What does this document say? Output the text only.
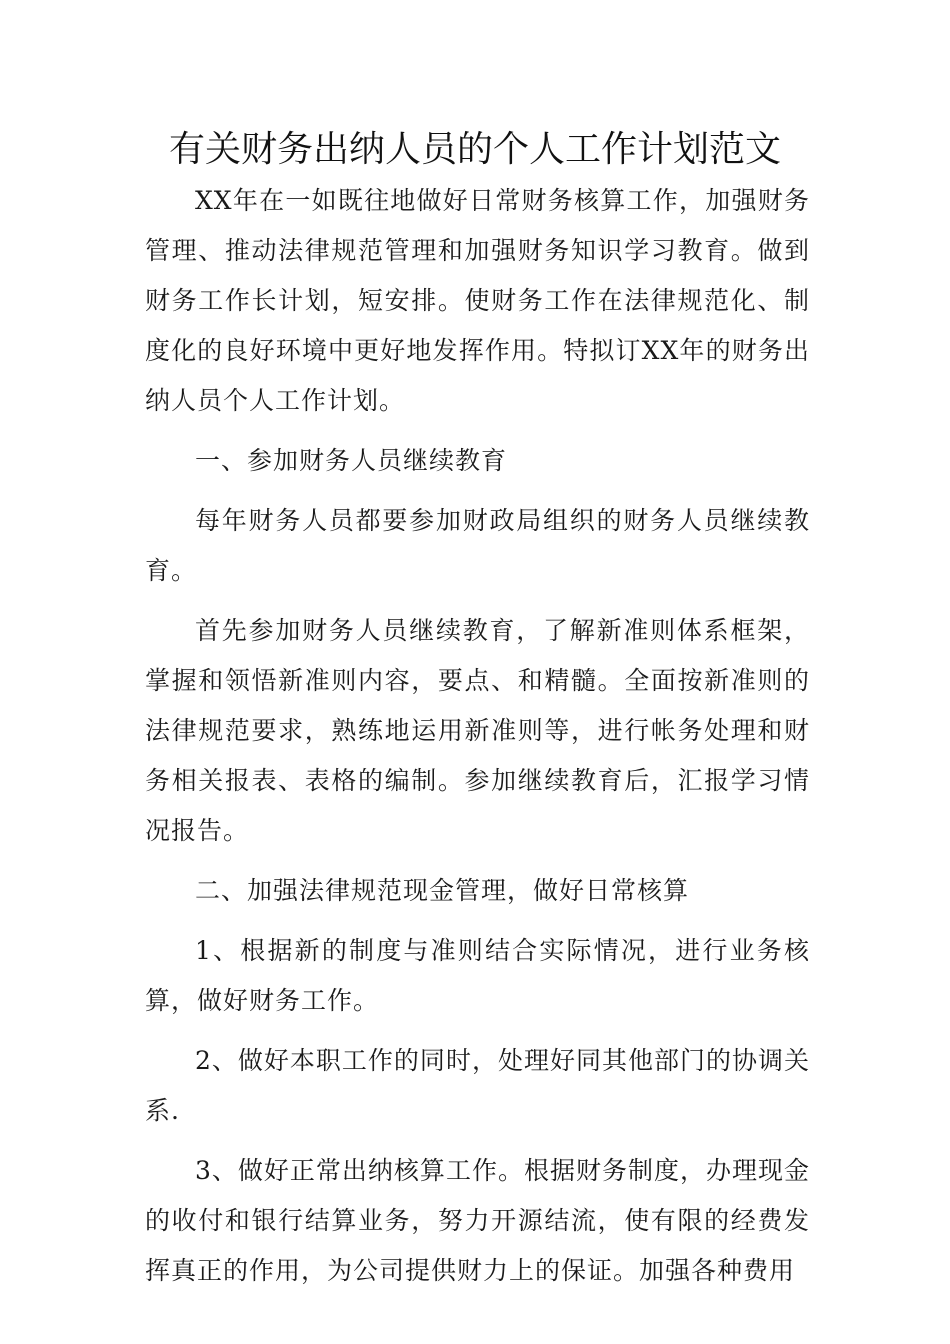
有关财务出纳人员的个人工作计划范文

XX年在一如既往地做好日常财务核算工作，加强财务管理、推动法律规范管理和加强财务知识学习教育。做到财务工作长计划，短安排。使财务工作在法律规范化、制度化的良好环境中更好地发挥作用。特拟订XX年的财务出纳人员个人工作计划。

一、参加财务人员继续教育

每年财务人员都要参加财政局组织的财务人员继续教育。

首先参加财务人员继续教育，了解新准则体系框架，掌握和领悟新准则内容，要点、和精髓。全面按新准则的法律规范要求，熟练地运用新准则等，进行帐务处理和财务相关报表、表格的编制。参加继续教育后，汇报学习情况报告。

二、加强法律规范现金管理，做好日常核算

1、根据新的制度与准则结合实际情况，进行业务核算，做好财务工作。

2、做好本职工作的同时，处理好同其他部门的协调关系.

3、做好正常出纳核算工作。根据财务制度，办理现金的收付和银行结算业务，努力开源结流，使有限的经费发挥真正的作用，为公司提供财力上的保证。加强各种费用
